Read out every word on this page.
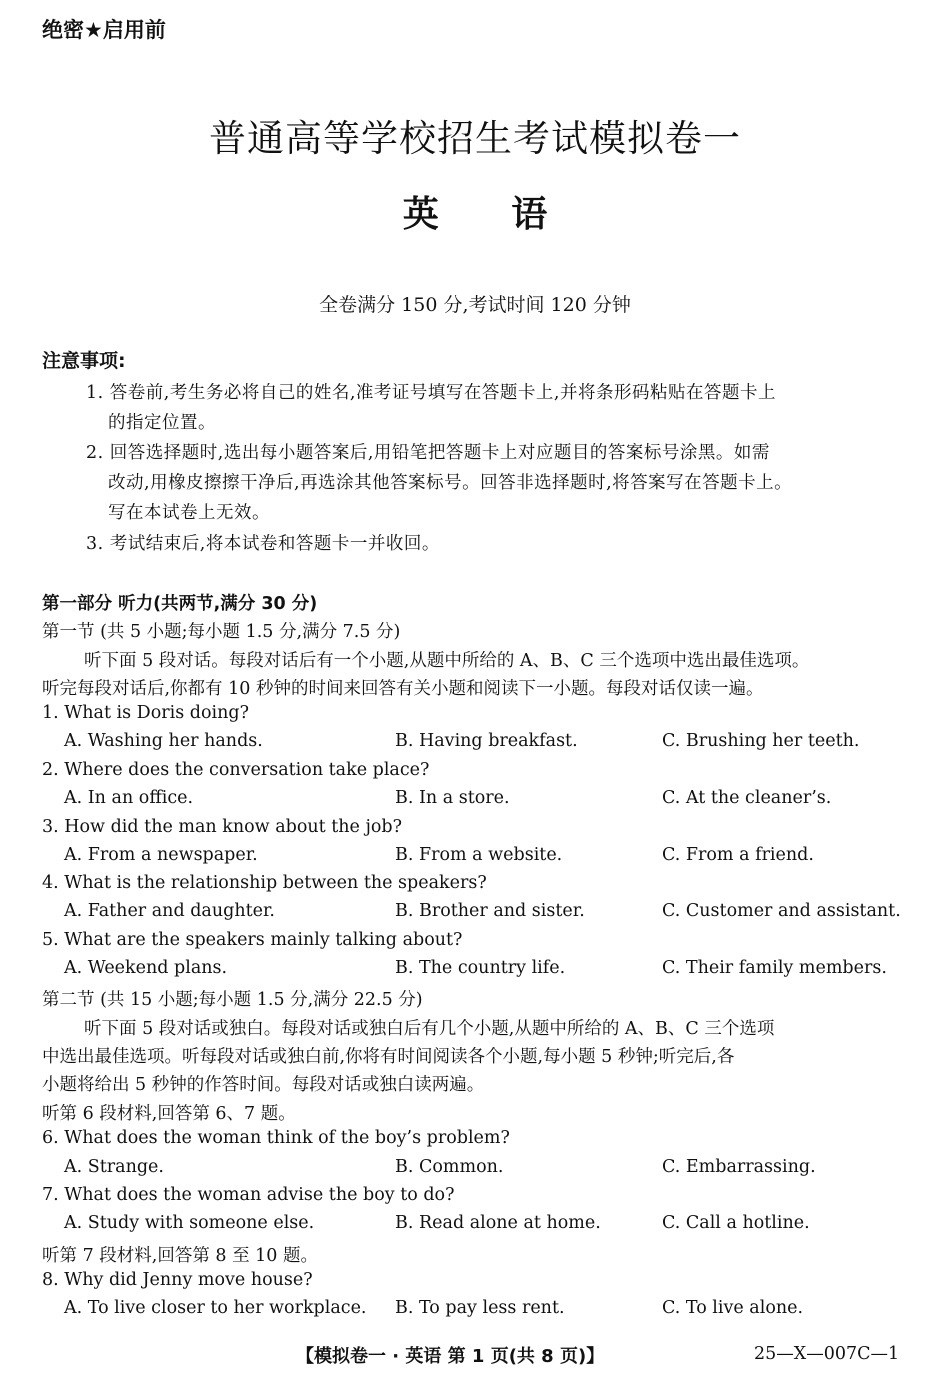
绝密★启用前
普通高等学校招生考试模拟卷一
英 语
全卷满分 150 分,考试时间 120 分钟
注意事项:
1. 答卷前,考生务必将自己的姓名,准考证号填写在答题卡上,并将条形码粘贴在答题卡上
的指定位置。
2. 回答选择题时,选出每小题答案后,用铅笔把答题卡上对应题目的答案标号涂黑。如需
改动,用橡皮擦擦干净后,再选涂其他答案标号。回答非选择题时,将答案写在答题卡上。
写在本试卷上无效。
3. 考试结束后,将本试卷和答题卡一并收回。
第一部分 听力(共两节,满分 30 分)
第一节 (共 5 小题;每小题 1.5 分,满分 7.5 分)
听下面 5 段对话。每段对话后有一个小题,从题中所给的 A、B、C 三个选项中选出最佳选项。
听完每段对话后,你都有 10 秒钟的时间来回答有关小题和阅读下一小题。每段对话仅读一遍。
1. What is Doris doing?
A. Washing her hands.	B. Having breakfast.	C. Brushing her teeth.
2. Where does the conversation take place?
A. In an office.	B. In a store.	C. At the cleaner’s.
3. How did the man know about the job?
A. From a newspaper.	B. From a website.	C. From a friend.
4. What is the relationship between the speakers?
A. Father and daughter.	B. Brother and sister.	C. Customer and assistant.
5. What are the speakers mainly talking about?
A. Weekend plans.	B. The country life.	C. Their family members.
第二节 (共 15 小题;每小题 1.5 分,满分 22.5 分)
听下面 5 段对话或独白。每段对话或独白后有几个小题,从题中所给的 A、B、C 三个选项
中选出最佳选项。听每段对话或独白前,你将有时间阅读各个小题,每小题 5 秒钟;听完后,各
小题将给出 5 秒钟的作答时间。每段对话或独白读两遍。
听第 6 段材料,回答第 6、7 题。
6. What does the woman think of the boy’s problem?
A. Strange.	B. Common.	C. Embarrassing.
7. What does the woman advise the boy to do?
A. Study with someone else.	B. Read alone at home.	C. Call a hotline.
听第 7 段材料,回答第 8 至 10 题。
8. Why did Jenny move house?
A. To live closer to her workplace. B. To pay less rent.	C. To live alone.
【模拟卷一 · 英语 第 1 页(共 8 页)】	25—X—007C—1
